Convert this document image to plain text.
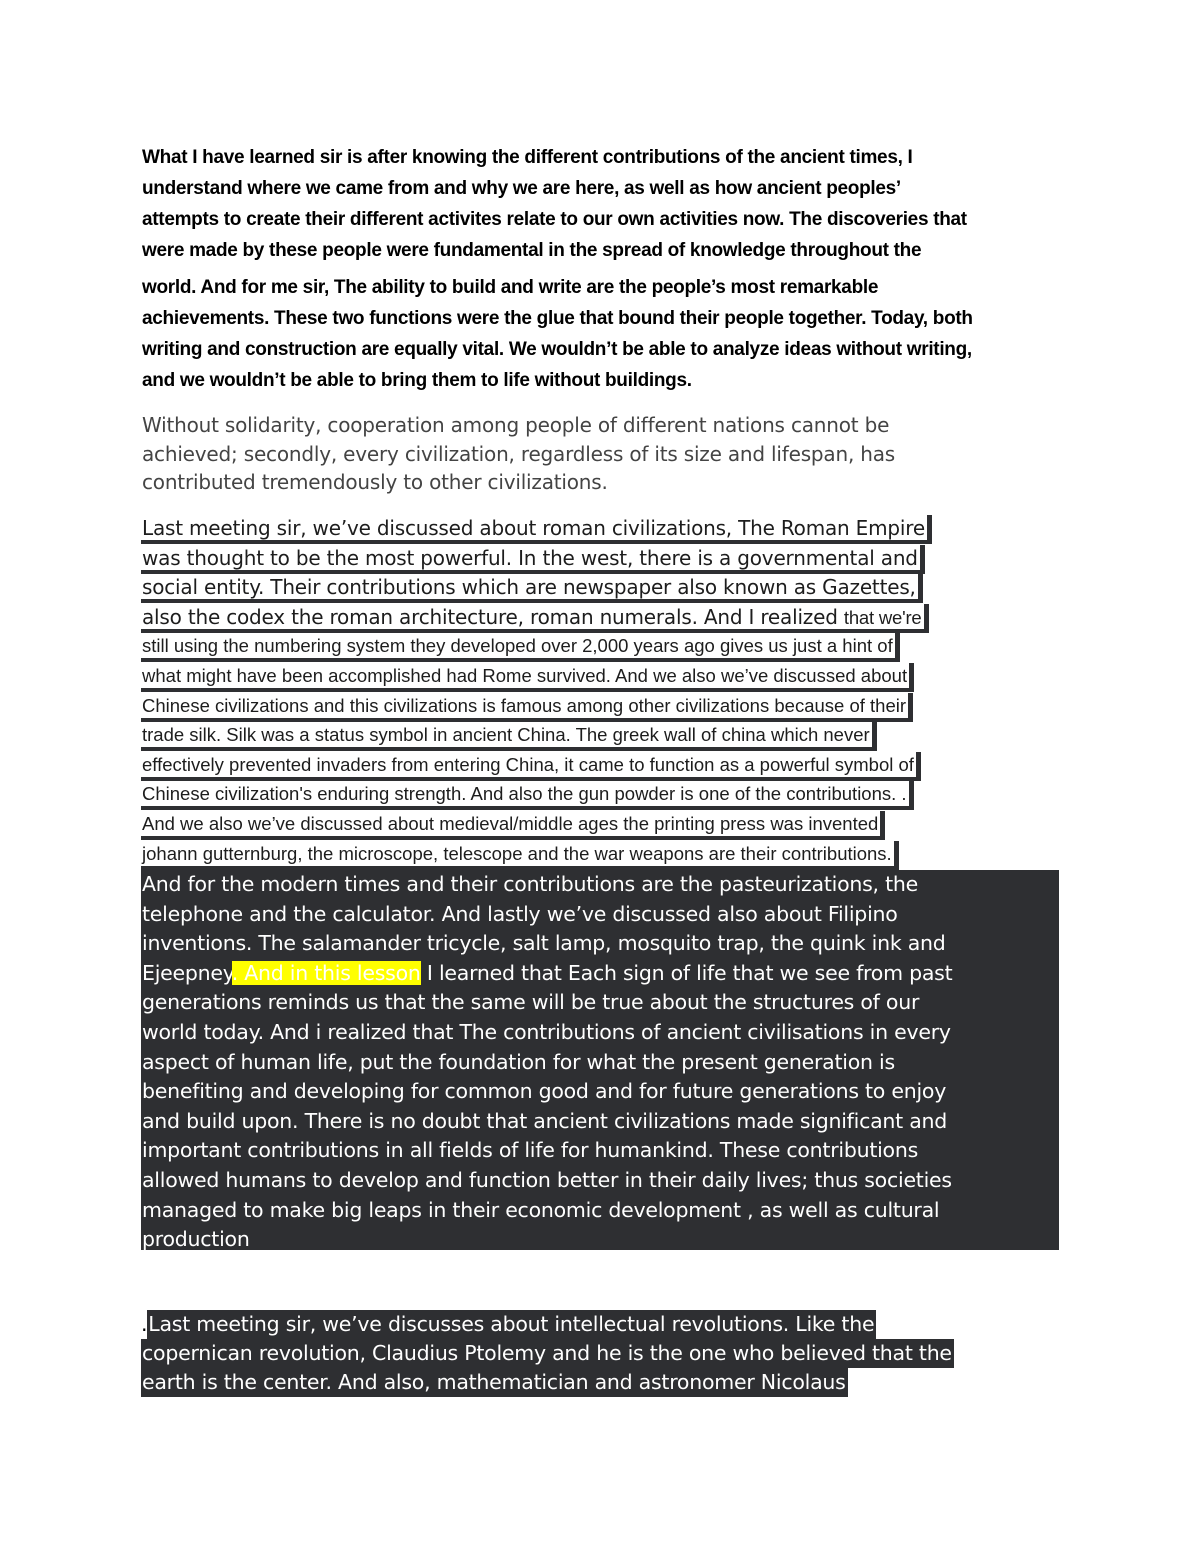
What I have learned sir is after knowing the different contributions of the ancient times, I
understand where we came from and why we are here, as well as how ancient peoples’
attempts to create their different activites relate to our own activities now. The discoveries that
were made by these people were fundamental in the spread of knowledge throughout the
world. And for me sir, The ability to build and write are the people’s most remarkable
achievements. These two functions were the glue that bound their people together. Today, both
writing and construction are equally vital. We wouldn’t be able to analyze ideas without writing,
and we wouldn’t be able to bring them to life without buildings.
Without solidarity, cooperation among people of different nations cannot be
achieved; secondly, every civilization, regardless of its size and lifespan, has
contributed tremendously to other civilizations.
Last meeting sir, we’ve discussed about roman civilizations, The Roman Empire
was thought to be the most powerful. In the west, there is a governmental and
social entity. Their contributions which are newspaper also known as Gazettes,
also the codex the roman architecture, roman numerals. And I realized that we're
still using the numbering system they developed over 2,000 years ago gives us just a hint of
what might have been accomplished had Rome survived. And we also we’ve discussed about
Chinese civilizations and this civilizations is famous among other civilizations because of their
trade silk. Silk was a status symbol in ancient China. The greek wall of china which never
effectively prevented invaders from entering China, it came to function as a powerful symbol of
Chinese civilization's enduring strength. And also the gun powder is one of the contributions. .
And we also we’ve discussed about medieval/middle ages the printing press was invented
johann gutternburg, the microscope, telescope and the war weapons are their contributions.
And for the modern times and their contributions are the pasteurizations, the
telephone and the calculator. And lastly we’ve discussed also about Filipino
inventions. The salamander tricycle, salt lamp, mosquito trap, the quink ink and
Ejeepney. And in this lesson I learned that Each sign of life that we see from past
generations reminds us that the same will be true about the structures of our
world today. And i realized that The contributions of ancient civilisations in every
aspect of human life, put the foundation for what the present generation is
benefiting and developing for common good and for future generations to enjoy
and build upon. There is no doubt that ancient civilizations made significant and
important contributions in all fields of life for humankind. These contributions
allowed humans to develop and function better in their daily lives; thus societies
managed to make big leaps in their economic development , as well as cultural
production
.Last meeting sir, we’ve discusses about intellectual revolutions. Like the
copernican revolution, Claudius Ptolemy and he is the one who believed that the
earth is the center. And also, mathematician and astronomer Nicolaus
